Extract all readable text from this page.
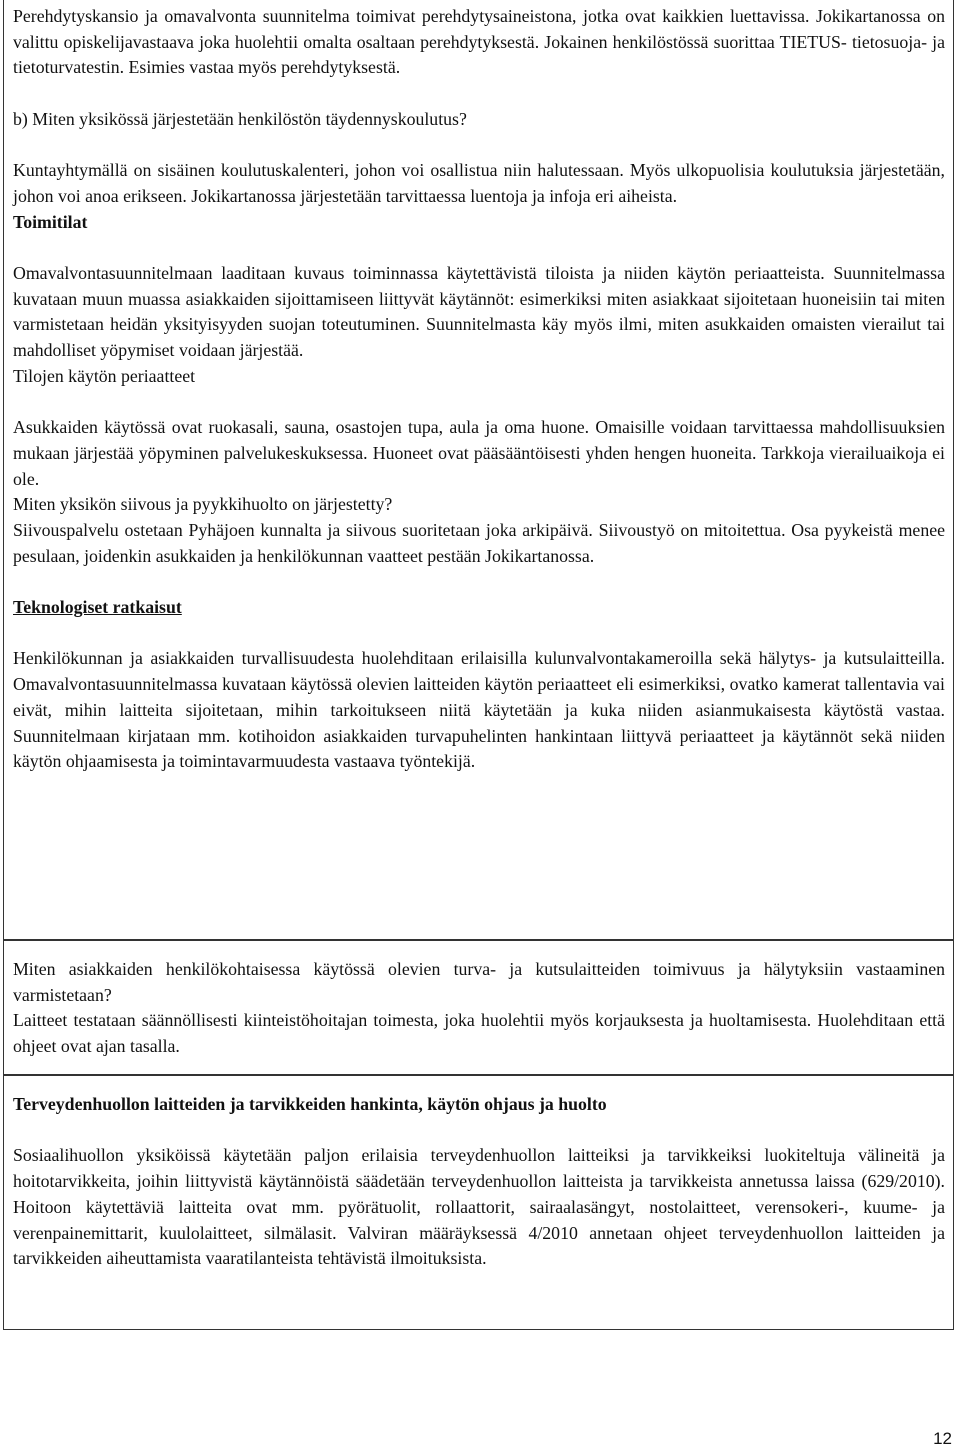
Perehdytyskansio ja omavalvonta suunnitelma toimivat perehdytysaineistona, jotka ovat kaikkien luettavissa. Jokikartanossa on valittu opiskelijavastaava joka huolehtii omalta osaltaan perehdytyksestä. Jokainen henkilöstössä suorittaa TIETUS- tietosuoja- ja tietoturvatestin. Esimies vastaa myös perehdytyksestä.

b) Miten yksikössä järjestetään henkilöstön täydennyskoulutus?

Kuntayhtymällä on sisäinen koulutuskalenteri, johon voi osallistua niin halutessaan. Myös ulkopuolisia koulutuksia järjestetään, johon voi anoa erikseen. Jokikartanossa järjestetään tarvittaessa luentoja ja infoja eri aiheista.

Toimitilat

Omavalvontasuunnitelmaan laaditaan kuvaus toiminnassa käytettävistä tiloista ja niiden käytön periaatteista. Suunnitelmassa kuvataan muun muassa asiakkaiden sijoittamiseen liittyvät käytännöt: esimerkiksi miten asiakkaat sijoitetaan huoneisiin tai miten varmistetaan heidän yksityisyyden suojan toteutuminen. Suunnitelmasta käy myös ilmi, miten asukkaiden omaisten vierailut tai mahdolliset yöpymiset voidaan järjestää.

Tilojen käytön periaatteet

Asukkaiden käytössä ovat ruokasali, sauna, osastojen tupa, aula ja oma huone. Omaisille voidaan tarvittaessa mahdollisuuksien mukaan järjestää yöpyminen palvelukeskuksessa. Huoneet ovat pääsääntöisesti yhden hengen huoneita. Tarkkoja vierailuaikoja ei ole.

Miten yksikön siivous ja pyykkihuolto on järjestetty?

Siivouspalvelu ostetaan Pyhäjoen kunnalta ja siivous suoritetaan joka arkipäivä. Siivoustyö on mitoitettua. Osa pyykeistä menee pesulaan, joidenkin asukkaiden ja henkilökunnan vaatteet pestään Jokikartanossa.

Teknologiset ratkaisut

Henkilökunnan ja asiakkaiden turvallisuudesta huolehditaan erilaisilla kulunvalvontakameroilla sekä hälytys- ja kutsulaitteilla. Omavalvontasuunnitelmassa kuvataan käytössä olevien laitteiden käytön periaatteet eli esimerkiksi, ovatko kamerat tallentavia vai eivät, mihin laitteita sijoitetaan, mihin tarkoitukseen niitä käytetään ja kuka niiden asianmukaisesta käytöstä vastaa. Suunnitelmaan kirjataan mm. kotihoidon asiakkaiden turvapuhelinten hankintaan liittyvä periaatteet ja käytännöt sekä niiden käytön ohjaamisesta ja toimintavarmuudesta vastaava työntekijä.

Miten asiakkaiden henkilökohtaisessa käytössä olevien turva- ja kutsulaitteiden toimivuus ja hälytyksiin vastaaminen varmistetaan?

Laitteet testataan säännöllisesti kiinteistöhoitajan toimesta, joka huolehtii myös korjauksesta ja huoltamisesta. Huolehditaan että ohjeet ovat ajan tasalla.

Terveydenhuollon laitteiden ja tarvikkeiden hankinta, käytön ohjaus ja huolto

Sosiaalihuollon yksiköissä käytetään paljon erilaisia terveydenhuollon laitteiksi ja tarvikkeiksi luokiteltuja välineitä ja hoitotarvikkeita, joihin liittyvistä käytännöistä säädetään terveydenhuollon laitteista ja tarvikkeista annetussa laissa (629/2010). Hoitoon käytettäviä laitteita ovat mm. pyörätuolit, rollaattorit, sairaalasängyt, nostolaitteet, verensokeri-, kuume- ja verenpainemittarit, kuulolaitteet, silmälasit. Valviran määräyksessä 4/2010 annetaan ohjeet terveydenhuollon laitteiden ja tarvikkeiden aiheuttamista vaaratilanteista tehtävistä ilmoituksista.

12
